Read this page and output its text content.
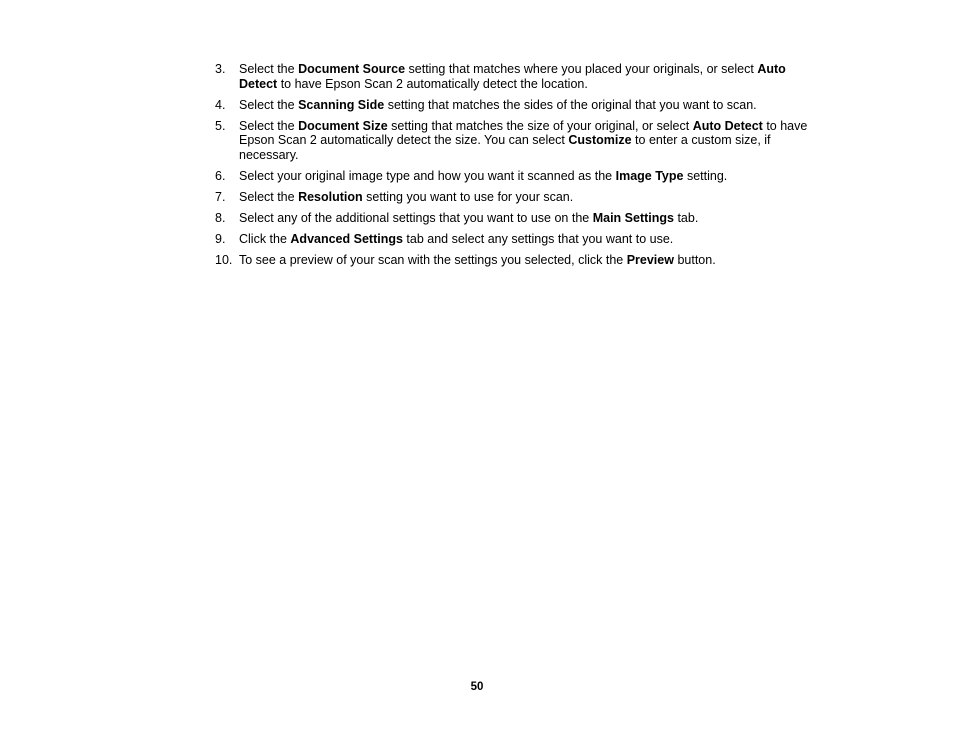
3. Select the Document Source setting that matches where you placed your originals, or select Auto Detect to have Epson Scan 2 automatically detect the location.
4. Select the Scanning Side setting that matches the sides of the original that you want to scan.
5. Select the Document Size setting that matches the size of your original, or select Auto Detect to have Epson Scan 2 automatically detect the size. You can select Customize to enter a custom size, if necessary.
6. Select your original image type and how you want it scanned as the Image Type setting.
7. Select the Resolution setting you want to use for your scan.
8. Select any of the additional settings that you want to use on the Main Settings tab.
9. Click the Advanced Settings tab and select any settings that you want to use.
10. To see a preview of your scan with the settings you selected, click the Preview button.
50
